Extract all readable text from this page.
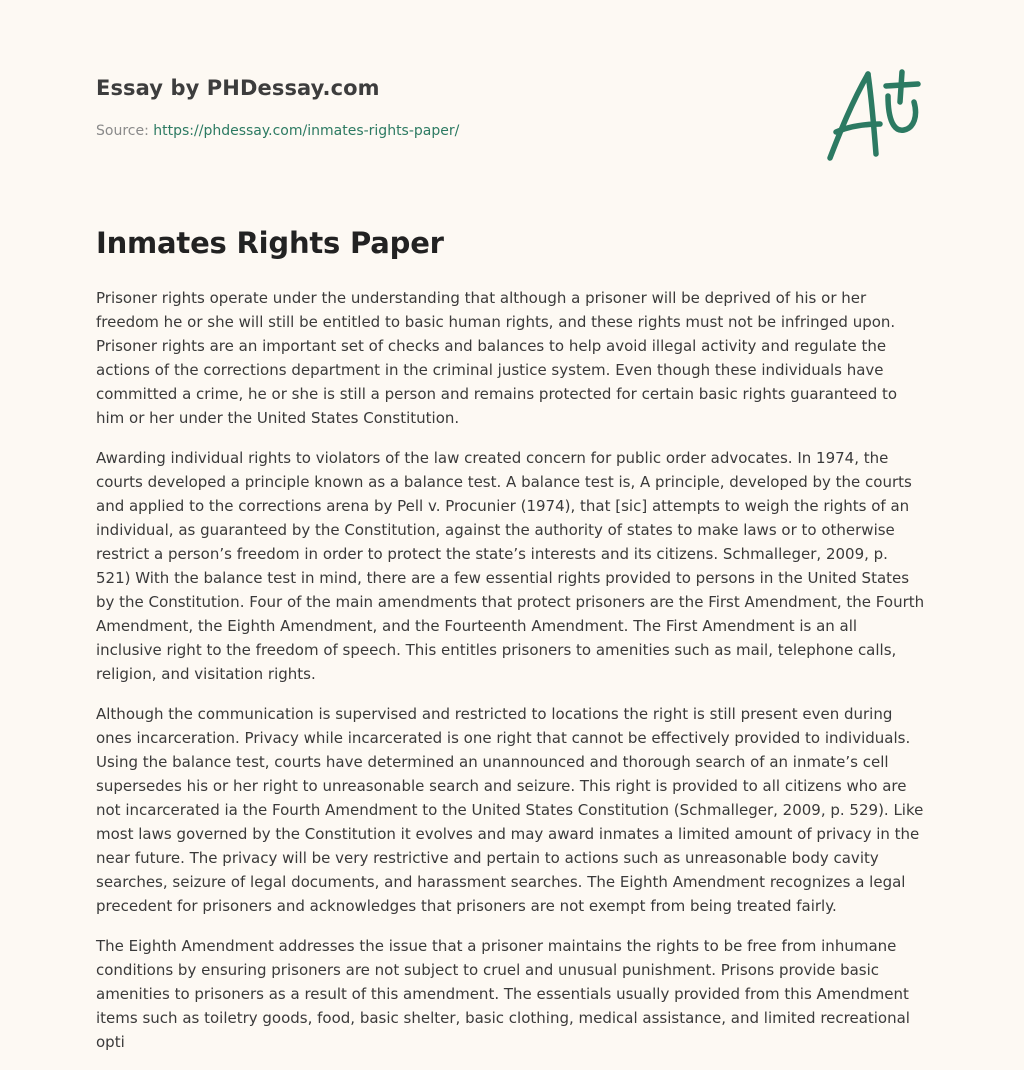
Essay by PHDessay.com
Source: https://phdessay.com/inmates-rights-paper/
Inmates Rights Paper

Prisoner rights operate under the understanding that although a prisoner will be deprived of his or her freedom he or she will still be entitled to basic human rights, and these rights must not be infringed upon. Prisoner rights are an important set of checks and balances to help avoid illegal activity and regulate the actions of the corrections department in the criminal justice system. Even though these individuals have committed a crime, he or she is still a person and remains protected for certain basic rights guaranteed to him or her under the United States Constitution.

Awarding individual rights to violators of the law created concern for public order advocates. In 1974, the courts developed a principle known as a balance test. A balance test is, A principle, developed by the courts and applied to the corrections arena by Pell v. Procunier (1974), that [sic] attempts to weigh the rights of an individual, as guaranteed by the Constitution, against the authority of states to make laws or to otherwise restrict a person’s freedom in order to protect the state’s interests and its citizens. Schmalleger, 2009, p. 521) With the balance test in mind, there are a few essential rights provided to persons in the United States by the Constitution. Four of the main amendments that protect prisoners are the First Amendment, the Fourth Amendment, the Eighth Amendment, and the Fourteenth Amendment. The First Amendment is an all inclusive right to the freedom of speech. This entitles prisoners to amenities such as mail, telephone calls, religion, and visitation rights.

Although the communication is supervised and restricted to locations the right is still present even during ones incarceration. Privacy while incarcerated is one right that cannot be effectively provided to individuals. Using the balance test, courts have determined an unannounced and thorough search of an inmate’s cell supersedes his or her right to unreasonable search and seizure. This right is provided to all citizens who are not incarcerated ia the Fourth Amendment to the United States Constitution (Schmalleger, 2009, p. 529). Like most laws governed by the Constitution it evolves and may award inmates a limited amount of privacy in the near future. The privacy will be very restrictive and pertain to actions such as unreasonable body cavity searches, seizure of legal documents, and harassment searches. The Eighth Amendment recognizes a legal precedent for prisoners and acknowledges that prisoners are not exempt from being treated fairly.

The Eighth Amendment addresses the issue that a prisoner maintains the rights to be free from inhumane conditions by ensuring prisoners are not subject to cruel and unusual punishment. Prisons provide basic amenities to prisoners as a result of this amendment. The essentials usually provided from this Amendment items such as toiletry goods, food, basic shelter, basic clothing, medical assistance, and limited recreational opti
